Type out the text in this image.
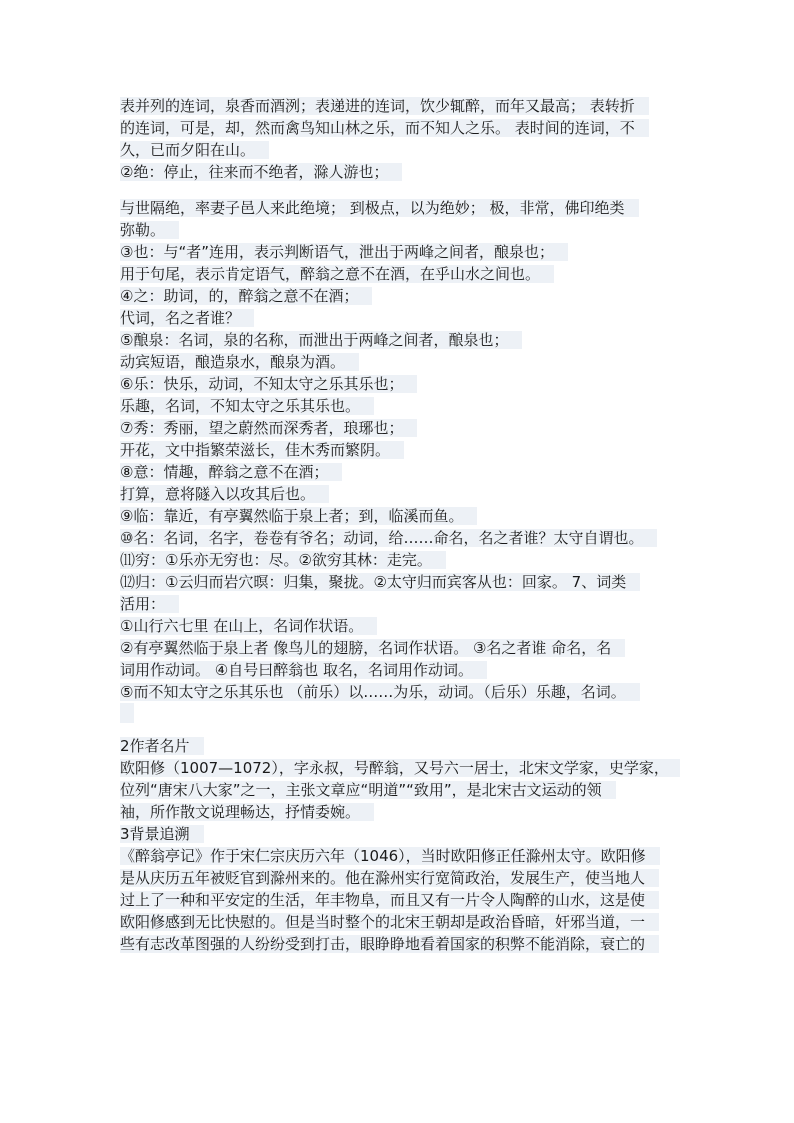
表并列的连词，泉香而酒洌；表递进的连词，饮少辄醉，而年又最高； 表转折
的连词，可是，却，然而禽鸟知山林之乐，而不知人之乐。 表时间的连词，不
久，已而夕阳在山。
②绝：停止，往来而不绝者，滁人游也；
与世隔绝，率妻子邑人来此绝境； 到极点，以为绝妙； 极，非常，佛印绝类
弥勒。
③也：与“者”连用，表示判断语气，泄出于两峰之间者，酿泉也；
用于句尾，表示肯定语气，醉翁之意不在酒，在乎山水之间也。
④之：助词，的，醉翁之意不在酒；
代词，名之者谁？
⑤酿泉：名词，泉的名称，而泄出于两峰之间者，酿泉也；
动宾短语，酿造泉水，酿泉为酒。
⑥乐：快乐，动词，不知太守之乐其乐也；
乐趣，名词，不知太守之乐其乐也。
⑦秀：秀丽，望之蔚然而深秀者，琅琊也；
开花，文中指繁荣滋长，佳木秀而繁阴。
⑧意：情趣，醉翁之意不在酒；
打算，意将隧入以攻其后也。
⑨临：靠近，有亭翼然临于泉上者；到，临溪而鱼。
⑩名：名词，名字，卷卷有爷名；动词，给……命名，名之者谁？太守自谓也。
⑾穷：①乐亦无穷也：尽。②欲穷其林：走完。
⑿归：①云归而岩穴暝：归集，聚拢。②太守归而宾客从也：回家。 7、词类
活用：
①山行六七里 在山上，名词作状语。
②有亭翼然临于泉上者 像鸟儿的翅膀，名词作状语。 ③名之者谁 命名，名
词用作动词。 ④自号曰醉翁也 取名，名词用作动词。
⑤而不知太守之乐其乐也 （前乐）以……为乐，动词。（后乐）乐趣，名词。
2作者名片
欧阳修（1007—1072），字永叔，号醉翁，又号六一居士，北宋文学家，史学家，
位列“唐宋八大家”之一，主张文章应“明道”“致用”，是北宋古文运动的领
袖，所作散文说理畅达，抒情委婉。
3背景追溯
《醉翁亭记》作于宋仁宗庆历六年（1046），当时欧阳修正任滁州太守。欧阳修
是从庆历五年被贬官到滁州来的。他在滁州实行宽简政治，发展生产，使当地人
过上了一种和平安定的生活，年丰物阜，而且又有一片令人陶醉的山水，这是使
欧阳修感到无比快慰的。但是当时整个的北宋王朝却是政治昏暗，奸邪当道，一
些有志改革图强的人纷纷受到打击，眼睁睁地看着国家的积弊不能消除，衰亡的
